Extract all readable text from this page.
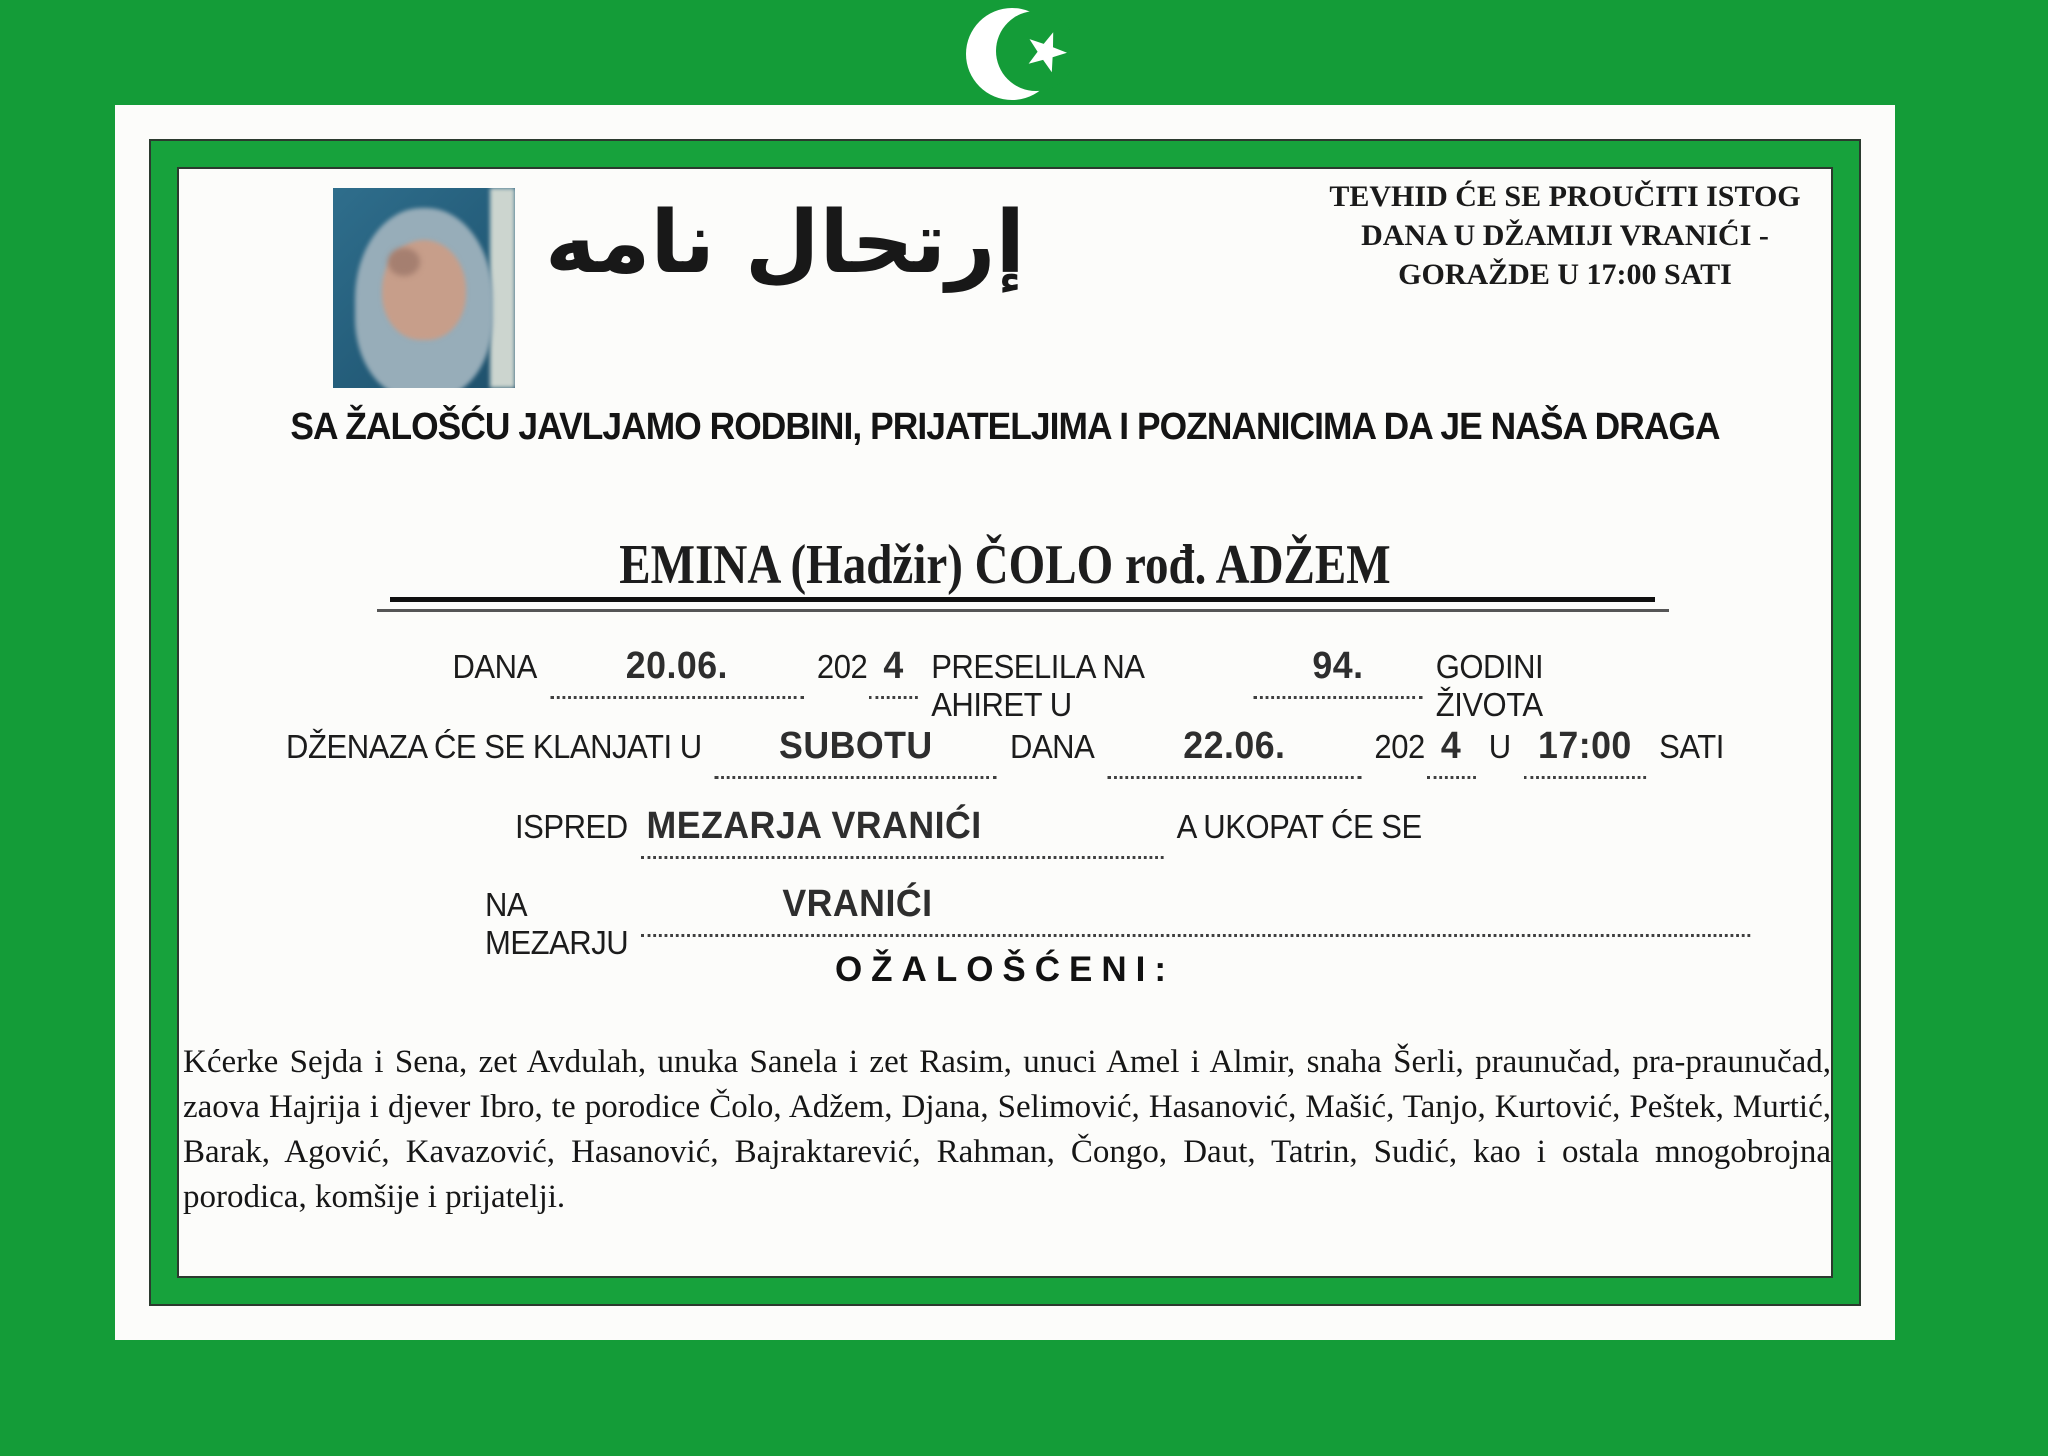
إرتحال نامه	TEVHID ĆE SE PROUČITI ISTOG
DANA U DŽAMIJI VRANIĆI -
GORAŽDE U 17:00 SATI
SA ŽALOŠĆU JAVLJAMO RODBINI, PRIJATELJIMA I POZNANICIMA DA JE NAŠA DRAGA
EMINA (Hadžir) ČOLO rođ. ADŽEM
DANA	20.06.	202 4 PRESELILA NA AHIRET U
94.	GODINI ŽIVOTA
DŽENAZA ĆE SE KLANJATI U	SUBOTU	DANA	22.06.	202 4 U 17:00 SATI
ISPRED MEZARJA VRANIĆI	A UKOPAT ĆE SE
NA MEZARJU
VRANIĆI
OŽALOŠĆENI:
Kćerke Sejda i Sena, zet Avdulah, unuka Sanela i zet Rasim, unuci Amel i Almir, snaha Šerli, praunučad, pra-praunučad, zaova Hajrija i djever Ibro, te porodice Čolo, Adžem, Djana, Selimović, Hasanović, Mašić, Tanjo, Kurtović, Peštek, Murtić, Barak, Agović, Kavazović, Hasanović, Bajraktarević, Rahman, Čongo, Daut, Tatrin, Sudić, kao i ostala mnogobrojna porodica, komšije i prijatelji.
